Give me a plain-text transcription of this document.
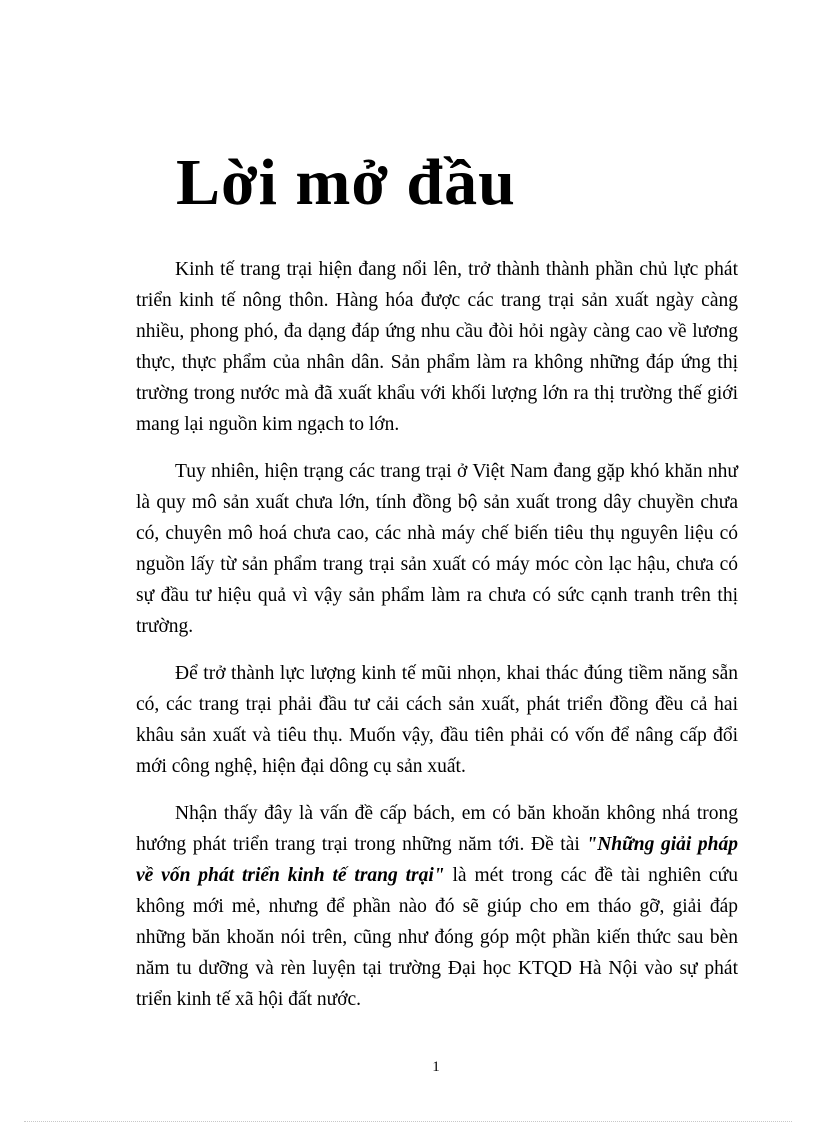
Lời mở đầu

Kinh tế trang trại hiện đang nổi lên, trở thành thành phần chủ lực phát triển kinh tế nông thôn. Hàng hóa được các trang trại sản xuất ngày càng nhiều, phong phó, đa dạng đáp ứng nhu cầu đòi hỏi ngày càng cao về lương thực, thực phẩm của nhân dân. Sản phẩm làm ra không những đáp ứng thị trường trong nước mà đã xuất khẩu với khối lượng lớn ra thị trường thế giới mang lại nguồn kim ngạch to lớn.

Tuy nhiên, hiện trạng các trang trại ở Việt Nam đang gặp khó khăn như là quy mô sản xuất chưa lớn, tính đồng bộ sản xuất trong dây chuyền chưa có, chuyên mô hoá chưa cao, các nhà máy chế biến tiêu thụ nguyên liệu có nguồn lấy từ sản phẩm trang trại sản xuất có máy móc còn lạc hậu, chưa có sự đầu tư hiệu quả vì vậy sản phẩm làm ra chưa có sức cạnh tranh trên thị trường.

Để trở thành lực lượng kinh tế mũi nhọn, khai thác đúng tiềm năng sẵn có, các trang trại phải đầu tư cải cách sản xuất, phát triển đồng đều cả hai khâu sản xuất và tiêu thụ. Muốn vậy, đầu tiên phải có vốn để nâng cấp đổi mới công nghệ, hiện đại dông cụ sản xuất.

Nhận thấy đây là vấn đề cấp bách, em có băn khoăn không nhá trong hướng phát triển trang trại trong những năm tới. Đề tài "Những giải pháp về vốn phát triển kinh tế trang trại" là mét trong các đề tài nghiên cứu không mới mẻ, nhưng để phần nào đó sẽ giúp cho em tháo gỡ, giải đáp những băn khoăn nói trên, cũng như đóng góp một phần kiến thức sau bèn năm tu dưỡng và rèn luyện tại trường Đại học KTQD Hà Nội vào sự phát triển kinh tế xã hội đất nước.

1
